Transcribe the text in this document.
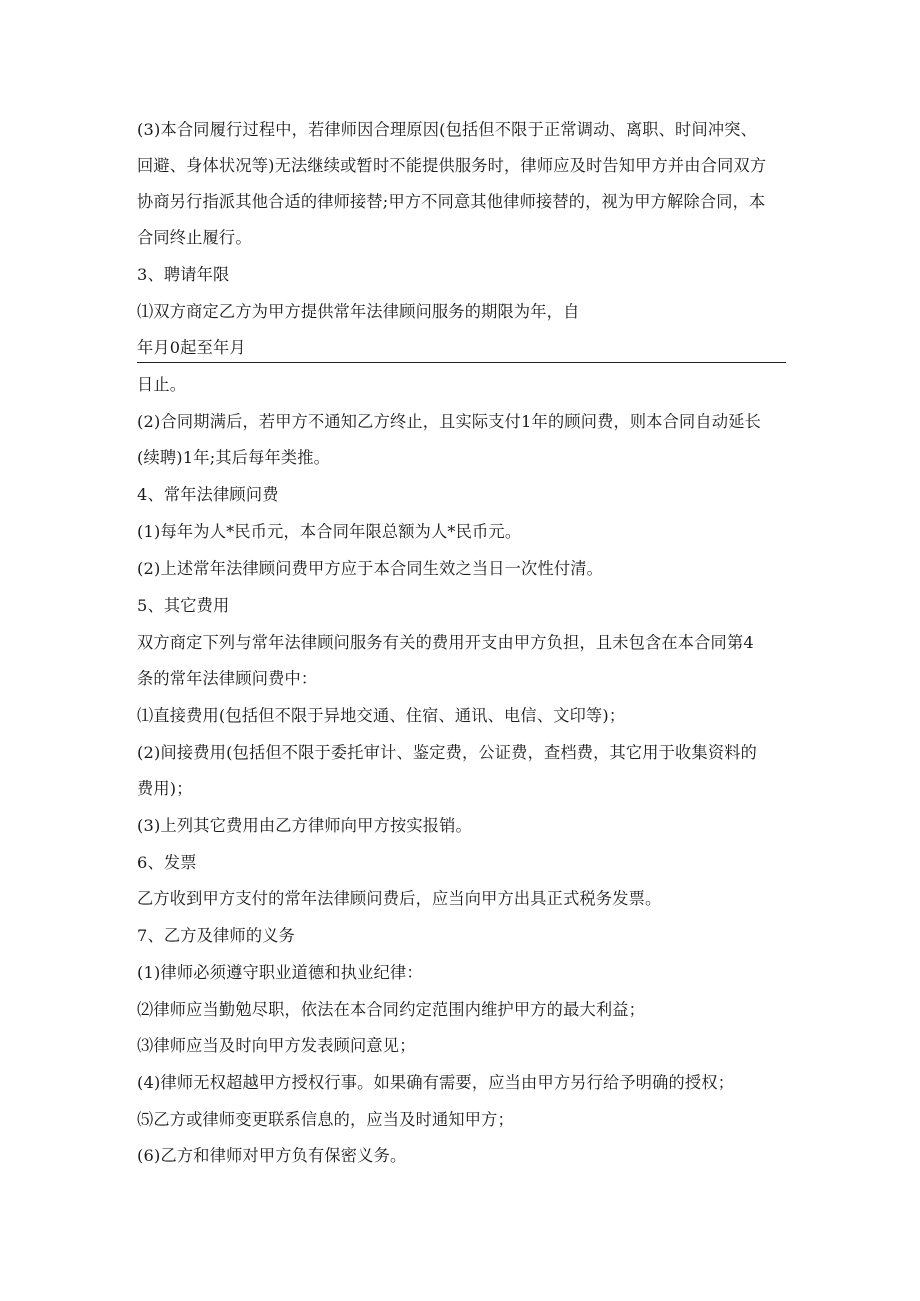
(3)本合同履行过程中，若律师因合理原因(包括但不限于正常调动、离职、时间冲突、
回避、身体状况等)无法继续或暂时不能提供服务时，律师应及时告知甲方并由合同双方
协商另行指派其他合适的律师接替;甲方不同意其他律师接替的，视为甲方解除合同，本
合同终止履行。
3、聘请年限
⑴双方商定乙方为甲方提供常年法律顾问服务的期限为年，自
年月0起至年月
日止。
(2)合同期满后，若甲方不通知乙方终止，且实际支付1年的顾问费，则本合同自动延长
(续聘)1年;其后每年类推。
4、常年法律顾问费
(1)每年为人*民币元，本合同年限总额为人*民币元。
(2)上述常年法律顾问费甲方应于本合同生效之当日一次性付清。
5、其它费用
双方商定下列与常年法律顾问服务有关的费用开支由甲方负担，且未包含在本合同第4
条的常年法律顾问费中：
⑴直接费用(包括但不限于异地交通、住宿、通讯、电信、文印等)；
(2)间接费用(包括但不限于委托审计、鉴定费，公证费，查档费，其它用于收集资料的
费用)；
(3)上列其它费用由乙方律师向甲方按实报销。
6、发票
乙方收到甲方支付的常年法律顾问费后，应当向甲方出具正式税务发票。
7、乙方及律师的义务
(1)律师必须遵守职业道德和执业纪律：
⑵律师应当勤勉尽职，依法在本合同约定范围内维护甲方的最大利益；
⑶律师应当及时向甲方发表顾问意见；
(4)律师无权超越甲方授权行事。如果确有需要，应当由甲方另行给予明确的授权；
⑸乙方或律师变更联系信息的，应当及时通知甲方；
(6)乙方和律师对甲方负有保密义务。
